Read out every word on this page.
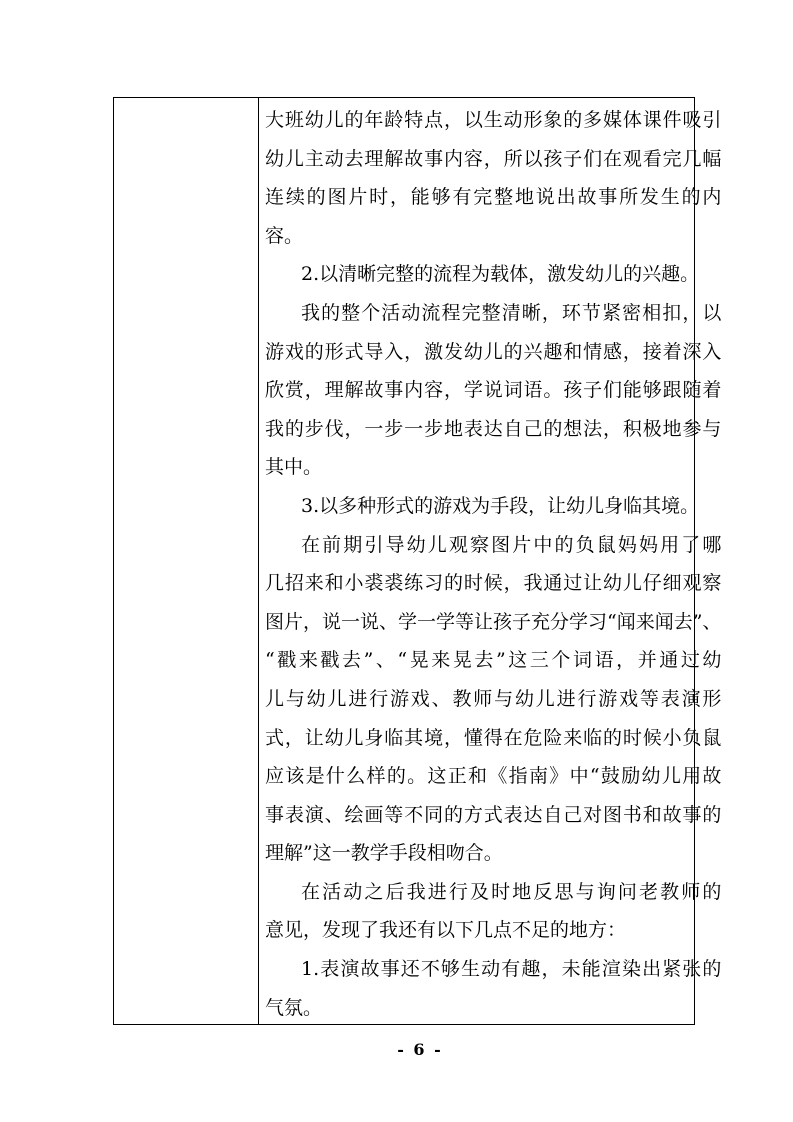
大班幼儿的年龄特点，以生动形象的多媒体课件吸引
幼儿主动去理解故事内容，所以孩子们在观看完几幅
连续的图片时，能够有完整地说出故事所发生的内
容。
2.以清晰完整的流程为载体，激发幼儿的兴趣。
我的整个活动流程完整清晰，环节紧密相扣，以
游戏的形式导入，激发幼儿的兴趣和情感，接着深入
欣赏，理解故事内容，学说词语。孩子们能够跟随着
我的步伐，一步一步地表达自己的想法，积极地参与
其中。
3.以多种形式的游戏为手段，让幼儿身临其境。
在前期引导幼儿观察图片中的负鼠妈妈用了哪
几招来和小裘裘练习的时候，我通过让幼儿仔细观察
图片，说一说、学一学等让孩子充分学习“闻来闻去”、
“戳来戳去”、“晃来晃去”这三个词语，并通过幼
儿与幼儿进行游戏、教师与幼儿进行游戏等表演形
式，让幼儿身临其境，懂得在危险来临的时候小负鼠
应该是什么样的。这正和《指南》中“鼓励幼儿用故
事表演、绘画等不同的方式表达自己对图书和故事的
理解”这一教学手段相吻合。
在活动之后我进行及时地反思与询问老教师的
意见，发现了我还有以下几点不足的地方：
1.表演故事还不够生动有趣，未能渲染出紧张的
气氛。
- 6 -
